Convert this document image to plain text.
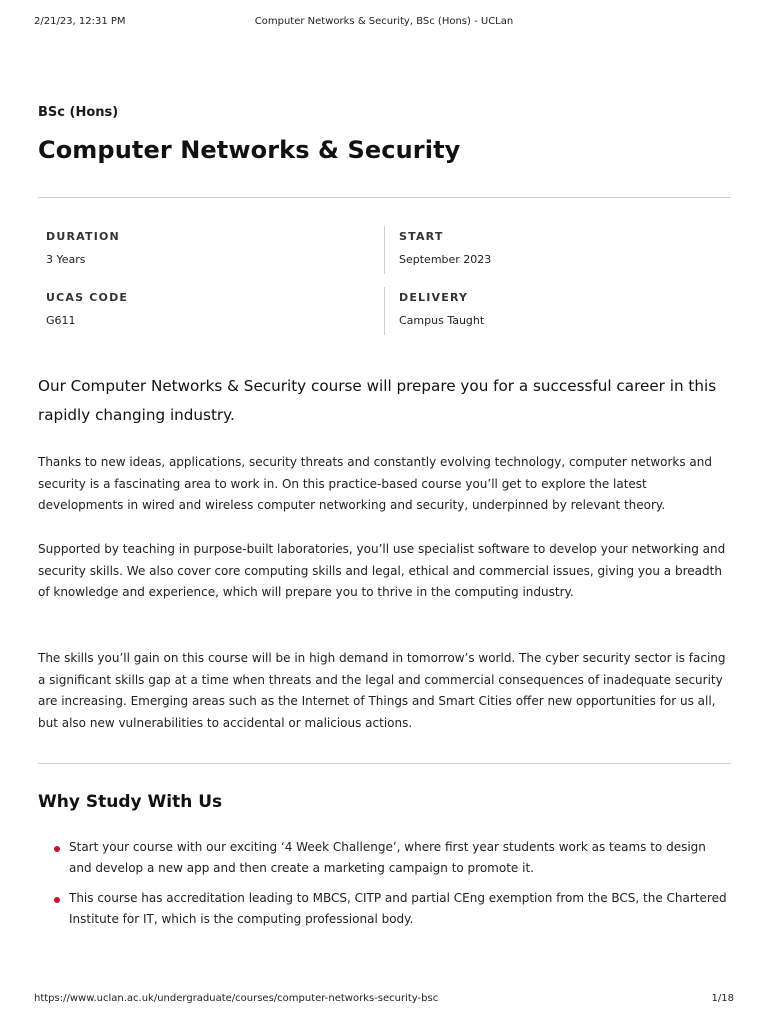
2/21/23, 12:31 PM	Computer Networks & Security, BSc (Hons) - UCLan
BSc (Hons)
Computer Networks & Security
DURATION
3 Years
START
September 2023
UCAS CODE
G611
DELIVERY
Campus Taught

Our Computer Networks & Security course will prepare you for a successful career in this rapidly changing industry.

Thanks to new ideas, applications, security threats and constantly evolving technology, computer networks and security is a fascinating area to work in. On this practice-based course you’ll get to explore the latest developments in wired and wireless computer networking and security, underpinned by relevant theory.

Supported by teaching in purpose-built laboratories, you’ll use specialist software to develop your networking and security skills. We also cover core computing skills and legal, ethical and commercial issues, giving you a breadth of knowledge and experience, which will prepare you to thrive in the computing industry.

The skills you’ll gain on this course will be in high demand in tomorrow’s world. The cyber security sector is facing a significant skills gap at a time when threats and the legal and commercial consequences of inadequate security are increasing. Emerging areas such as the Internet of Things and Smart Cities offer new opportunities for us all, but also new vulnerabilities to accidental or malicious actions.

Why Study With Us
Start your course with our exciting ‘4 Week Challenge’, where first year students work as teams to design and develop a new app and then create a marketing campaign to promote it.
This course has accreditation leading to MBCS, CITP and partial CEng exemption from the BCS, the Chartered Institute for IT, which is the computing professional body.
https://www.uclan.ac.uk/undergraduate/courses/computer-networks-security-bsc	1/18
